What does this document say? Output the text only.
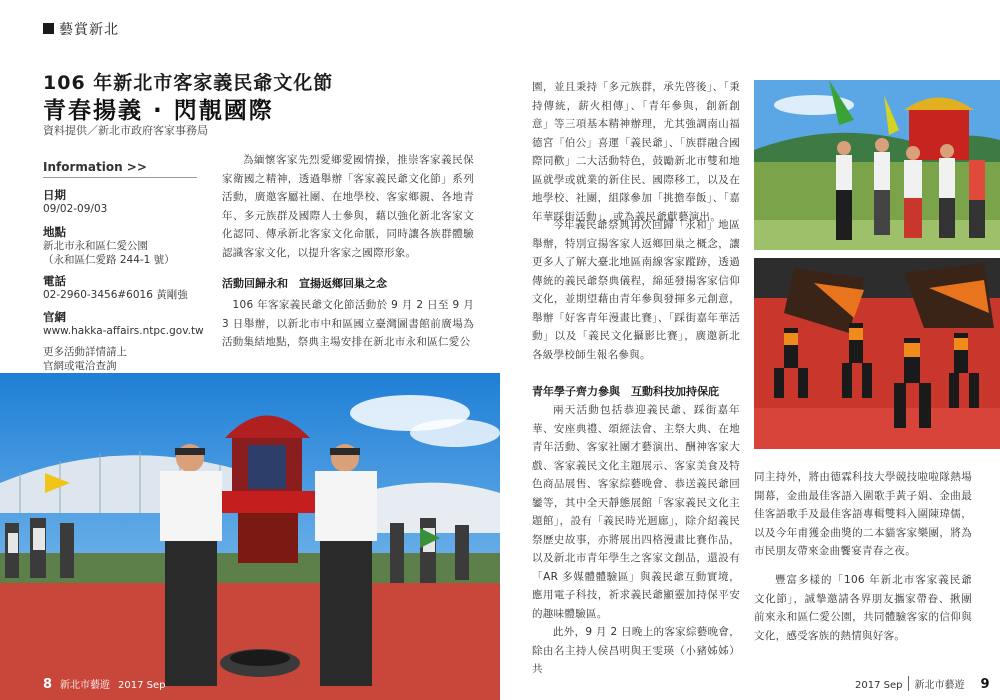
藝賞新北
106 年新北市客家義民爺文化節
青春揚義 · 閃靚國際
資料提供／新北市政府客家事務局
Information >>
日期
09/02-09/03
地點
新北市永和區仁愛公園
（永和區仁愛路 244-1 號）
電話
02-2960-3456#6016 黃剛強
官網
www.hakka-affairs.ntpc.gov.tw
更多活動詳情請上
官網或電洽查詢

為緬懷客家先烈愛鄉愛國情操，推崇客家義民保家衛國之精神，透過舉辦「客家義民爺文化節」系列活動，廣邀客屬社團、在地學校、客家鄉親、各地青年、多元族群及國際人士參與，藉以強化新北客家文化認同、傳承新北客家文化命脈，同時讓各族群體驗認識客家文化，以提升客家之國際形象。

活動回歸永和　宣揚返鄉回巢之念

106 年客家義民爺文化節活動於 9 月 2 日至 9 月 3 日舉辦，以新北市中和區國立臺灣圖書館前廣場為活動集結地點，祭典主場安排在新北市永和區仁愛公

園，並且秉持「多元族群，承先啓後」、「秉持傳統，薪火相傳」、「青年參與，創新創意」等三項基本精神辦理，尤其強調南山福德宮「伯公」喜運「義民爺」、「族群融合國際同歡」二大活動特色，鼓勵新北市雙和地區就學或就業的新住民、國際移工，以及在地學校、社團，組隊參加「挑擔奉飯」、「嘉年華踩街活動」，或為義民爺獻藝演出。

今年義民爺祭典再次回歸「永和」地區舉辦，特別宣揚客家人返鄉回巢之概念，讓更多人了解大臺北地區南線客家蹤跡，透過傳統的義民爺祭典儀程，綿延發揚客家信仰文化，並期望藉由青年參與發揮多元創意，舉辦「好客青年漫畫比賽」、「踩街嘉年華活動」以及「義民文化攝影比賽」，廣邀新北各級學校師生報名參與。

青年學子齊力參與　互動科技加持保庇

兩天活動包括恭迎義民爺、踩街嘉年華、安座典禮、頌經法會、主祭大典、在地青年活動、客家社團才藝演出、酬神客家大戲、客家義民文化主題展示、客家美食及特色商品展售、客家綜藝晚會、恭送義民爺回鑾等，其中全天靜態展館「客家義民文化主題館」，設有「義民時光迴廊」，除介紹義民祭歷史故事，亦將展出四格漫畫比賽作品，以及新北市青年學生之客家文創品，還設有「AR 多媒體體驗區」與義民爺互動實境，應用電子科技，祈求義民爺顯靈加持保平安的趣味體驗區。

此外，9 月 2 日晚上的客家綜藝晚會，除由名主持人侯昌明與王雯瑛（小豬姊姊）共

同主持外，將由德霖科技大學競技啦啦隊熱場開幕，金曲最佳客語入圍歌手黃子娟、金曲最佳客語歌手及最佳客語專輯雙料入圍陳瑋儒，以及今年甫獲金曲獎的二本貓客家樂團，將為市民朋友帶來金曲饗宴青春之夜。

豐富多樣的「106 年新北市客家義民爺文化節」，誠摯邀請各界朋友攜家帶眷、揪團前來永和區仁愛公園，共同體驗客家的信仰與文化，感受客族的熱情與好客。

8 新北市藝遊 2017 Sep	2017 Sep	新北市藝遊 9
